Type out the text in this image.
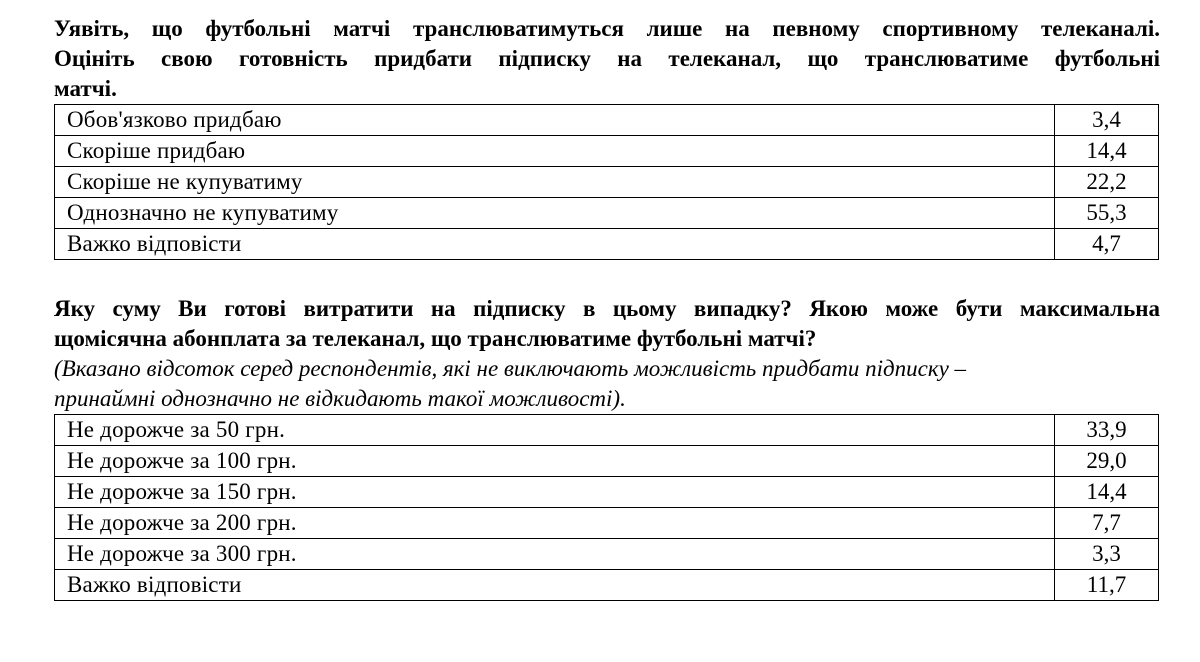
Уявіть, що футбольні матчі транслюватимуться лише на певному спортивному телеканалі.
Оцініть свою готовність придбати підписку на телеканал, що транслюватиме футбольні
матчі.
Обов'язково придбаю	3,4
Скоріше придбаю	14,4
Скоріше не купуватиму	22,2
Однозначно не купуватиму	55,3
Важко відповісти	4,7
Яку суму Ви готові витратити на підписку в цьому випадку? Якою може бути максимальна
щомісячна абонплата за телеканал, що транслюватиме футбольні матчі?
(Вказано відсоток серед респондентів, які не виключають можливість придбати підписку –
принаймні однозначно не відкидають такої можливості).
Не дорожче за 50 грн.	33,9
Не дорожче за 100 грн.	29,0
Не дорожче за 150 грн.	14,4
Не дорожче за 200 грн.	7,7
Не дорожче за 300 грн.	3,3
Важко відповісти	11,7
